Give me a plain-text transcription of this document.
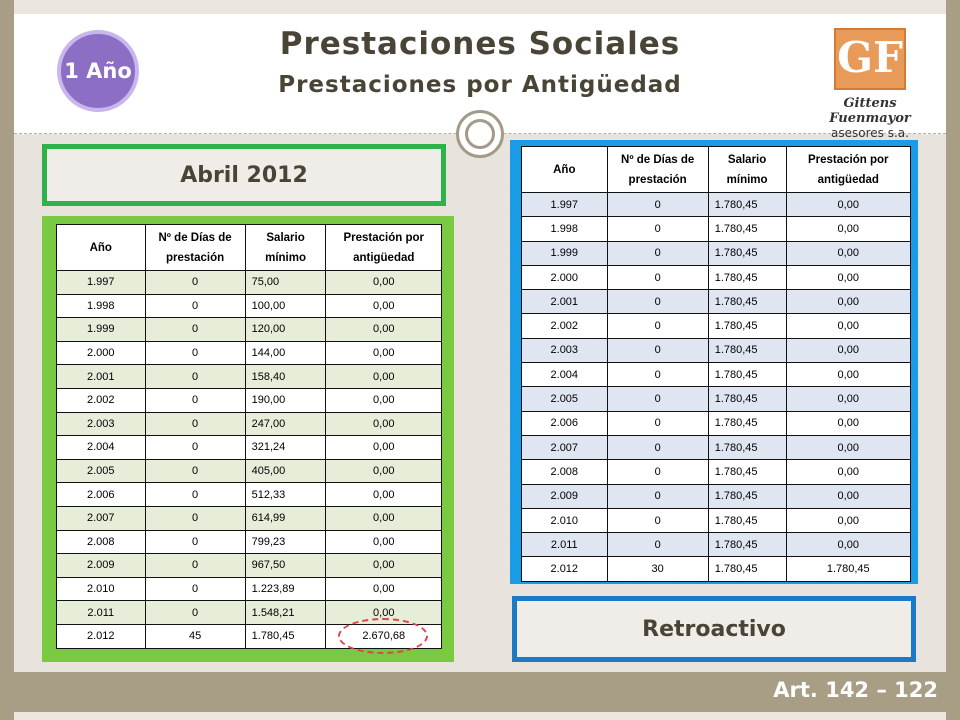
1 Año
Prestaciones Sociales
Prestaciones por Antigüedad
GF
Gittens Fuenmayor
asesores s.a.
Abril 2012
Año	Nº de Días de prestación	Salario mínimo	Prestación por antigüedad
1.997	0	75,00	0,00
1.998	0	100,00	0,00
1.999	0	120,00	0,00
2.000	0	144,00	0,00
2.001	0	158,40	0,00
2.002	0	190,00	0,00
2.003	0	247,00	0,00
2.004	0	321,24	0,00
2.005	0	405,00	0,00
2.006	0	512,33	0,00
2.007	0	614,99	0,00
2.008	0	799,23	0,00
2.009	0	967,50	0,00
2.010	0	1.223,89	0,00
2.011	0	1.548,21	0,00
2.012	45	1.780,45	2.670,68
Año	Nº de Días de prestación	Salario mínimo	Prestación por antigüedad
1.997	0	1.780,45	0,00
1.998	0	1.780,45	0,00
1.999	0	1.780,45	0,00
2.000	0	1.780,45	0,00
2.001	0	1.780,45	0,00
2.002	0	1.780,45	0,00
2.003	0	1.780,45	0,00
2.004	0	1.780,45	0,00
2.005	0	1.780,45	0,00
2.006	0	1.780,45	0,00
2.007	0	1.780,45	0,00
2.008	0	1.780,45	0,00
2.009	0	1.780,45	0,00
2.010	0	1.780,45	0,00
2.011	0	1.780,45	0,00
2.012	30	1.780,45	1.780,45
Retroactivo
Art. 142 – 122
